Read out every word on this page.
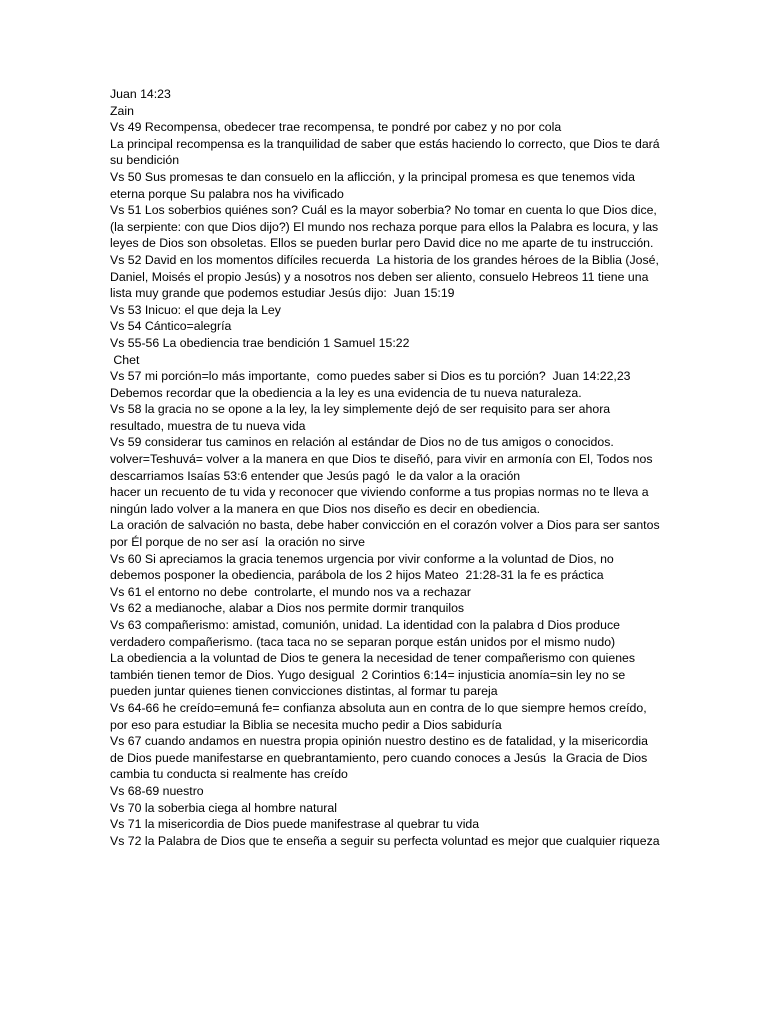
Juan 14:23
Zain
Vs 49 Recompensa, obedecer trae recompensa, te pondré por cabez y no por cola
La principal recompensa es la tranquilidad de saber que estás haciendo lo correcto, que Dios te dará su bendición
Vs 50 Sus promesas te dan consuelo en la aflicción, y la principal promesa es que tenemos vida eterna porque Su palabra nos ha vivificado
Vs 51 Los soberbios quiénes son? Cuál es la mayor soberbia? No tomar en cuenta lo que Dios dice, (la serpiente: con que Dios dijo?) El mundo nos rechaza porque para ellos la Palabra es locura, y las leyes de Dios son obsoletas. Ellos se pueden burlar pero David dice no me aparte de tu instrucción.
Vs 52 David en los momentos difíciles recuerda  La historia de los grandes héroes de la Biblia (José, Daniel, Moisés el propio Jesús) y a nosotros nos deben ser aliento, consuelo Hebreos 11 tiene una lista muy grande que podemos estudiar Jesús dijo:  Juan 15:19
Vs 53 Inicuo: el que deja la Ley
Vs 54 Cántico=alegría
Vs 55-56 La obediencia trae bendición 1 Samuel 15:22
Chet
Vs 57 mi porción=lo más importante,  como puedes saber si Dios es tu porción?  Juan 14:22,23
Debemos recordar que la obediencia a la ley es una evidencia de tu nueva naturaleza.
Vs 58 la gracia no se opone a la ley, la ley simplemente dejó de ser requisito para ser ahora resultado, muestra de tu nueva vida
Vs 59 considerar tus caminos en relación al estándar de Dios no de tus amigos o conocidos.
volver=Teshuvá= volver a la manera en que Dios te diseñó, para vivir en armonía con El, Todos nos descarriamos Isaías 53:6 entender que Jesús pagó  le da valor a la oración
hacer un recuento de tu vida y reconocer que viviendo conforme a tus propias normas no te lleva a ningún lado volver a la manera en que Dios nos diseño es decir en obediencia.
La oración de salvación no basta, debe haber convicción en el corazón volver a Dios para ser santos por Él porque de no ser así  la oración no sirve
Vs 60 Si apreciamos la gracia tenemos urgencia por vivir conforme a la voluntad de Dios, no debemos posponer la obediencia, parábola de los 2 hijos Mateo  21:28-31 la fe es práctica
Vs 61 el entorno no debe  controlarte, el mundo nos va a rechazar
Vs 62 a medianoche, alabar a Dios nos permite dormir tranquilos
Vs 63 compañerismo: amistad, comunión, unidad. La identidad con la palabra d Dios produce verdadero compañerismo. (taca taca no se separan porque están unidos por el mismo nudo)
La obediencia a la voluntad de Dios te genera la necesidad de tener compañerismo con quienes también tienen temor de Dios. Yugo desigual  2 Corintios 6:14= injusticia anomía=sin ley no se pueden juntar quienes tienen convicciones distintas, al formar tu pareja
Vs 64-66 he creído=emuná fe= confianza absoluta aun en contra de lo que siempre hemos creído, por eso para estudiar la Biblia se necesita mucho pedir a Dios sabiduría
Vs 67 cuando andamos en nuestra propia opinión nuestro destino es de fatalidad, y la misericordia de Dios puede manifestarse en quebrantamiento, pero cuando conoces a Jesús  la Gracia de Dios cambia tu conducta si realmente has creído
Vs 68-69 nuestro
Vs 70 la soberbia ciega al hombre natural
Vs 71 la misericordia de Dios puede manifestrase al quebrar tu vida
Vs 72 la Palabra de Dios que te enseña a seguir su perfecta voluntad es mejor que cualquier riqueza
